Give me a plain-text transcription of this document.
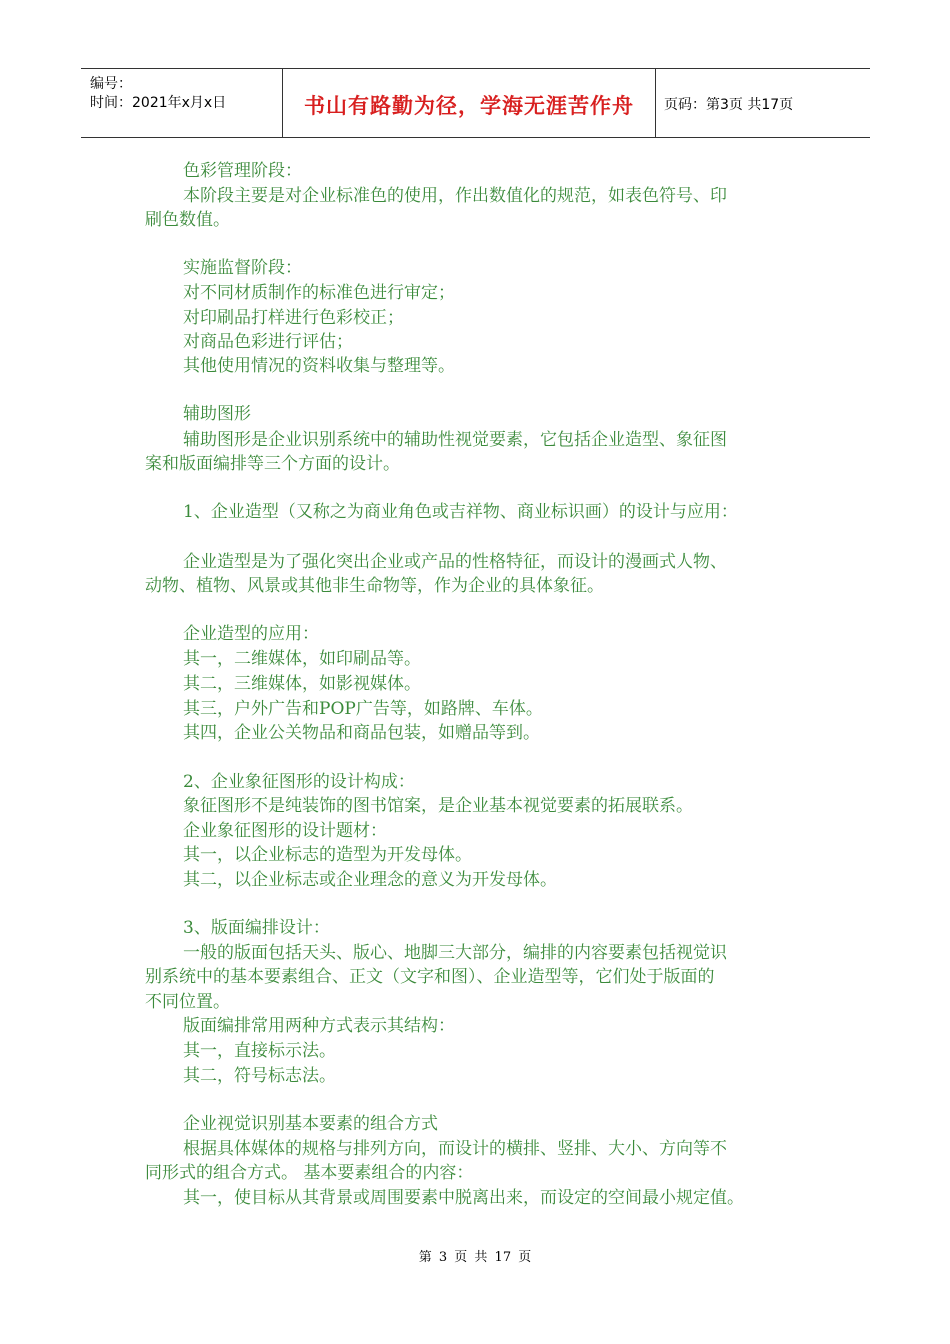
编号：
时间：2021年x月x日	书山有路勤为径，学海无涯苦作舟	页码：第3页 共17页
色彩管理阶段：
本阶段主要是对企业标准色的使用，作出数值化的规范，如表色符号、印
刷色数值。
实施监督阶段：
对不同材质制作的标准色进行审定；
对印刷品打样进行色彩校正；
对商品色彩进行评估；
其他使用情况的资料收集与整理等。
辅助图形
辅助图形是企业识别系统中的辅助性视觉要素，它包括企业造型、象征图
案和版面编排等三个方面的设计。
1、企业造型（又称之为商业角色或吉祥物、商业标识画）的设计与应用：
企业造型是为了强化突出企业或产品的性格特征，而设计的漫画式人物、
动物、植物、风景或其他非生命物等，作为企业的具体象征。
企业造型的应用：
其一，二维媒体，如印刷品等。
其二，三维媒体，如影视媒体。
其三，户外广告和POP广告等，如路牌、车体。
其四，企业公关物品和商品包装，如赠品等到。
2、企业象征图形的设计构成：
象征图形不是纯装饰的图书馆案，是企业基本视觉要素的拓展联系。
企业象征图形的设计题材：
其一，以企业标志的造型为开发母体。
其二，以企业标志或企业理念的意义为开发母体。
3、版面编排设计：
一般的版面包括天头、版心、地脚三大部分，编排的内容要素包括视觉识
别系统中的基本要素组合、正文（文字和图）、企业造型等，它们处于版面的
不同位置。
版面编排常用两种方式表示其结构：
其一，直接标示法。
其二，符号标志法。
企业视觉识别基本要素的组合方式
根据具体媒体的规格与排列方向，而设计的横排、竖排、大小、方向等不
同形式的组合方式。 基本要素组合的内容：
其一，使目标从其背景或周围要素中脱离出来，而设定的空间最小规定值。
第 3 页 共 17 页
